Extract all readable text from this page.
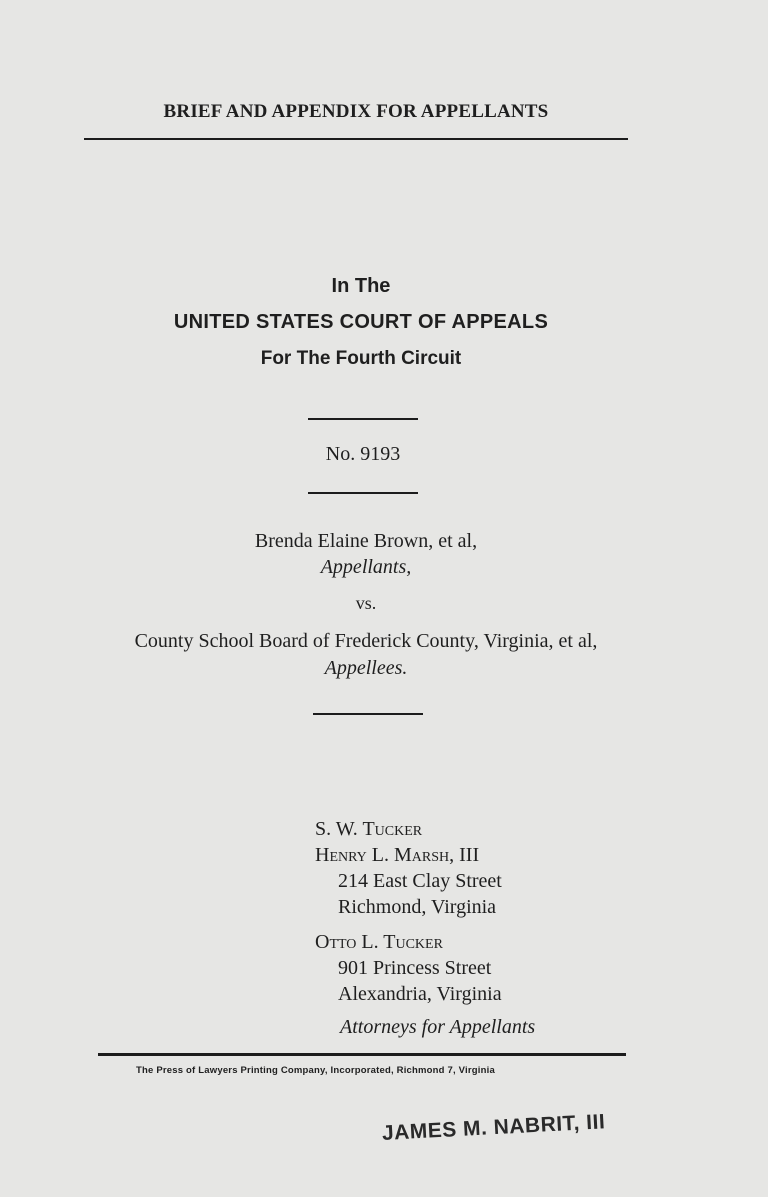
BRIEF AND APPENDIX FOR APPELLANTS
In The
UNITED STATES COURT OF APPEALS
For The Fourth Circuit
No. 9193
Brenda Elaine Brown, et al,
Appellants,
vs.
County School Board of Frederick County, Virginia, et al,
Appellees.
S. W. Tucker
Henry L. Marsh, III
214 East Clay Street
Richmond, Virginia
Otto L. Tucker
901 Princess Street
Alexandria, Virginia
Attorneys for Appellants
The Press of Lawyers Printing Company, Incorporated, Richmond 7, Virginia
JAMES M. NABRIT, III
